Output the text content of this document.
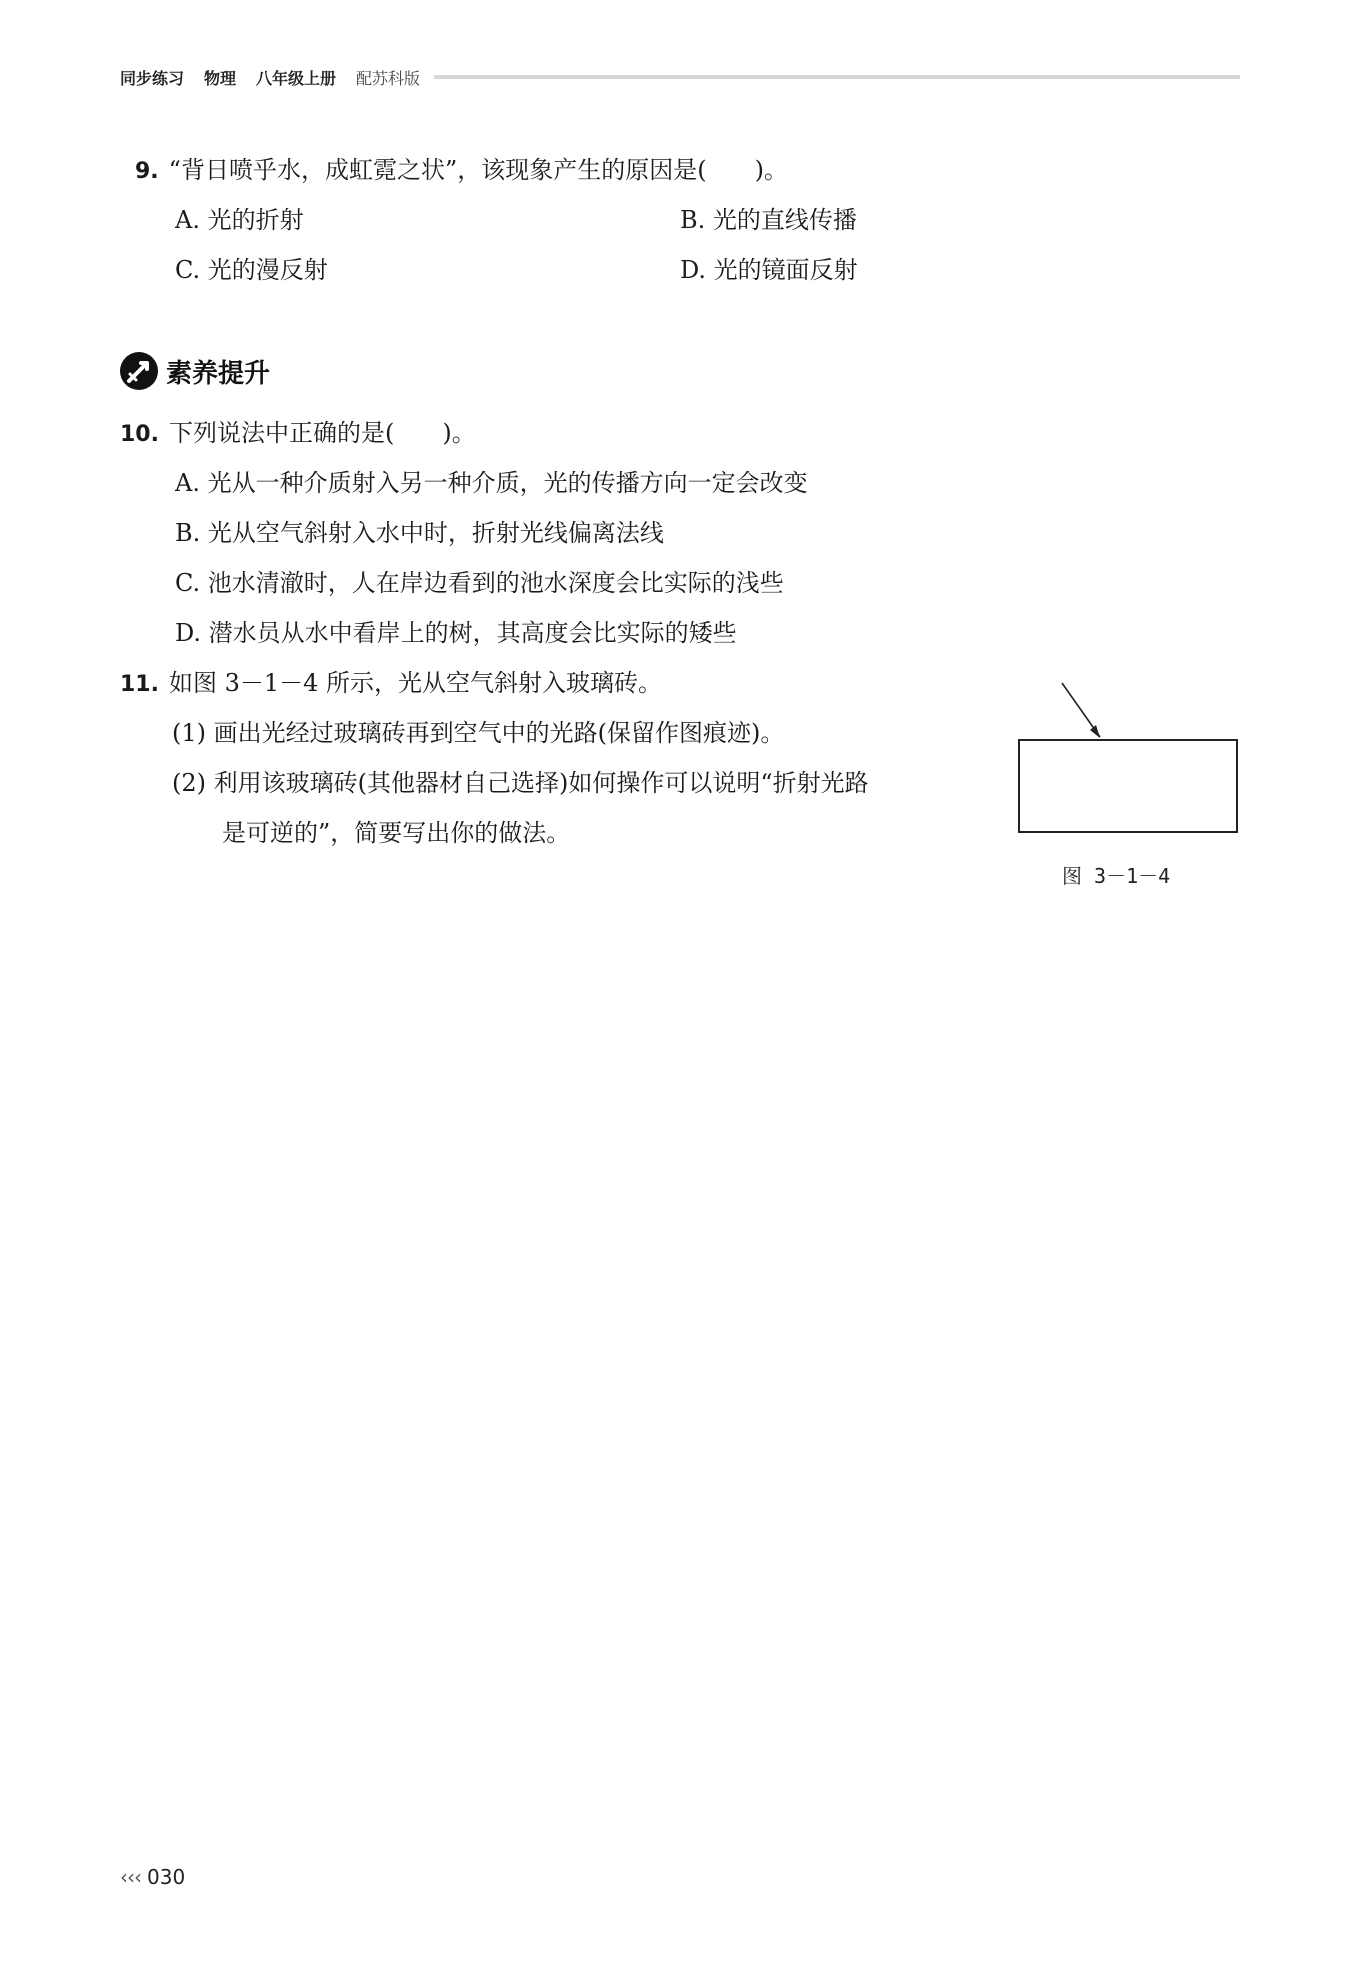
同步练习 物理 八年级上册 配苏科版
9. “背日喷乎水，成虹霓之状”，该现象产生的原因是(　　)。
A. 光的折射	B. 光的直线传播
C. 光的漫反射	D. 光的镜面反射
素养提升
10. 下列说法中正确的是(　　)。
A. 光从一种介质射入另一种介质，光的传播方向一定会改变
B. 光从空气斜射入水中时，折射光线偏离法线
C. 池水清澈时，人在岸边看到的池水深度会比实际的浅些
D. 潜水员从水中看岸上的树，其高度会比实际的矮些
11. 如图 3－1－4 所示，光从空气斜射入玻璃砖。
(1) 画出光经过玻璃砖再到空气中的光路(保留作图痕迹)。
(2) 利用该玻璃砖(其他器材自己选择)如何操作可以说明“折射光路
是可逆的”，简要写出你的做法。
图 3－1－4
‹‹‹ 030
